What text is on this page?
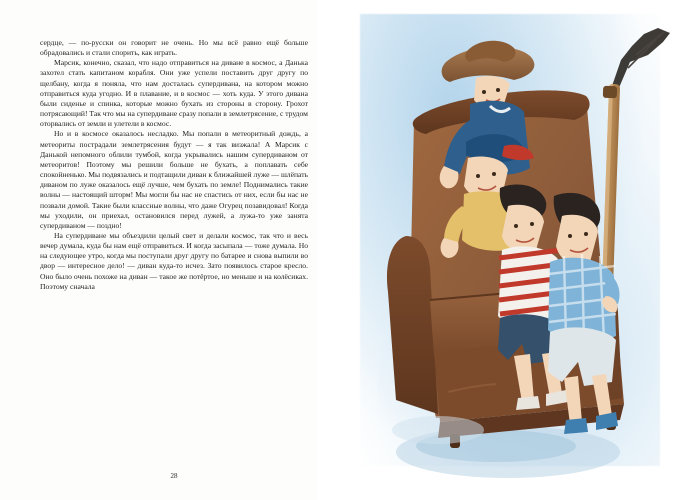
сердце, — по-русски он говорит не очень. Но мы всё равно ещё больше обрадовались и стали спорить, как играть.

Марсик, конечно, сказал, что надо отправиться на диване в космос, а Данька захотел стать капитаном корабля. Они уже успели поставить друг другу по щелбану, когда я поняла, что нам досталась супердивана, на котором можно отправиться куда угодно. И в плавание, и в космос — хоть куда. У этого дивана были сиденье и спинка, которые можно бухать из стороны в сторону. Грохот потрясающий! Так что мы на супердиване сразу попали в землетрясение, с трудом оторвались от земли и улетели в космос.

Но и в космосе оказалось несладко. Мы попали в метеоритный дождь, а метеориты пострадали землетрясения будут — я так визжала! А Марсик с Данькой непомного облили тумбой, когда укрывались нашим супердиваном от метеоритов! Поэтому мы решили больше не бухать, а поплавать себе спокойненько. Мы подвязались и подтащили диван к ближайшей луже — шлёпать диваном по луже оказалось ещё лучше, чем бухать по земле! Поднимались такие волны — настоящий шторм! Мы могли бы нас не спастись от них, если бы нас не позвали домой. Такие были классные волны, что даже Огурец позавидовал! Когда мы уходили, он приехал, остановился перед лужей, а лужа-то уже занята супердиваном — поздно!

На супердиване мы объездили целый свет и делали космос, так что и весь вечер думала, куда бы нам ещё отправиться. И когда засыпала — тоже думала. Но на следующее утро, когда мы поступали друг другу по батарее и снова выпили во двор — интересное дело! — диван куда-то исчез. Зато появилось старое кресло. Оно было очень похоже на диван — такое же потёртое, но меньше и на колёсиках. Поэтому сначала

28
